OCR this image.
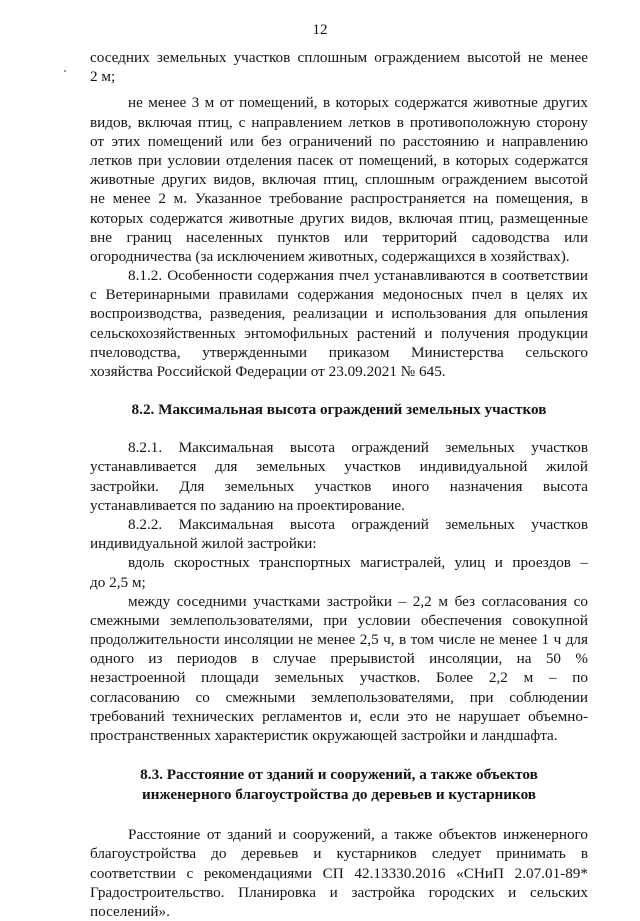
12
соседних земельных участков сплошным ограждением высотой не менее
2 м;
не менее 3 м от помещений, в которых содержатся животные других
видов, включая птиц, с направлением летков в противоположную сторону
от этих помещений или без ограничений по расстоянию и направлению
летков при условии отделения пасек от помещений, в которых содержатся
животные других видов, включая птиц, сплошным ограждением высотой
не менее 2 м. Указанное требование распространяется на помещения, в
которых содержатся животные других видов, включая птиц, размещенные
вне границ населенных пунктов или территорий садоводства или
огородничества (за исключением животных, содержащихся в хозяйствах).
8.1.2. Особенности содержания пчел устанавливаются в соответствии
с Ветеринарными правилами содержания медоносных пчел в целях их
воспроизводства, разведения, реализации и использования для опыления
сельскохозяйственных энтомофильных растений и получения продукции
пчеловодства, утвержденными приказом Министерства сельского
хозяйства Российской Федерации от 23.09.2021 № 645.
8.2. Максимальная высота ограждений земельных участков
8.2.1. Максимальная высота ограждений земельных участков
устанавливается для земельных участков индивидуальной жилой
застройки. Для земельных участков иного назначения высота
устанавливается по заданию на проектирование.
8.2.2. Максимальная высота ограждений земельных участков
индивидуальной жилой застройки:
вдоль скоростных транспортных магистралей, улиц и проездов –
до 2,5 м;
между соседними участками застройки – 2,2 м без согласования со
смежными землепользователями, при условии обеспечения совокупной
продолжительности инсоляции не менее 2,5 ч, в том числе не менее 1 ч для
одного из периодов в случае прерывистой инсоляции, на 50 %
незастроенной площади земельных участков. Более 2,2 м – по
согласованию со смежными землепользователями, при соблюдении
требований технических регламентов и, если это не нарушает объемно-
пространственных характеристик окружающей застройки и ландшафта.
8.3. Расстояние от зданий и сооружений, а также объектов
инженерного благоустройства до деревьев и кустарников
Расстояние от зданий и сооружений, а также объектов инженерного
благоустройства до деревьев и кустарников следует принимать в
соответствии с рекомендациями СП 42.13330.2016 «СНиП 2.07.01-89*
Градостроительство. Планировка и застройка городских и сельских
поселений».
